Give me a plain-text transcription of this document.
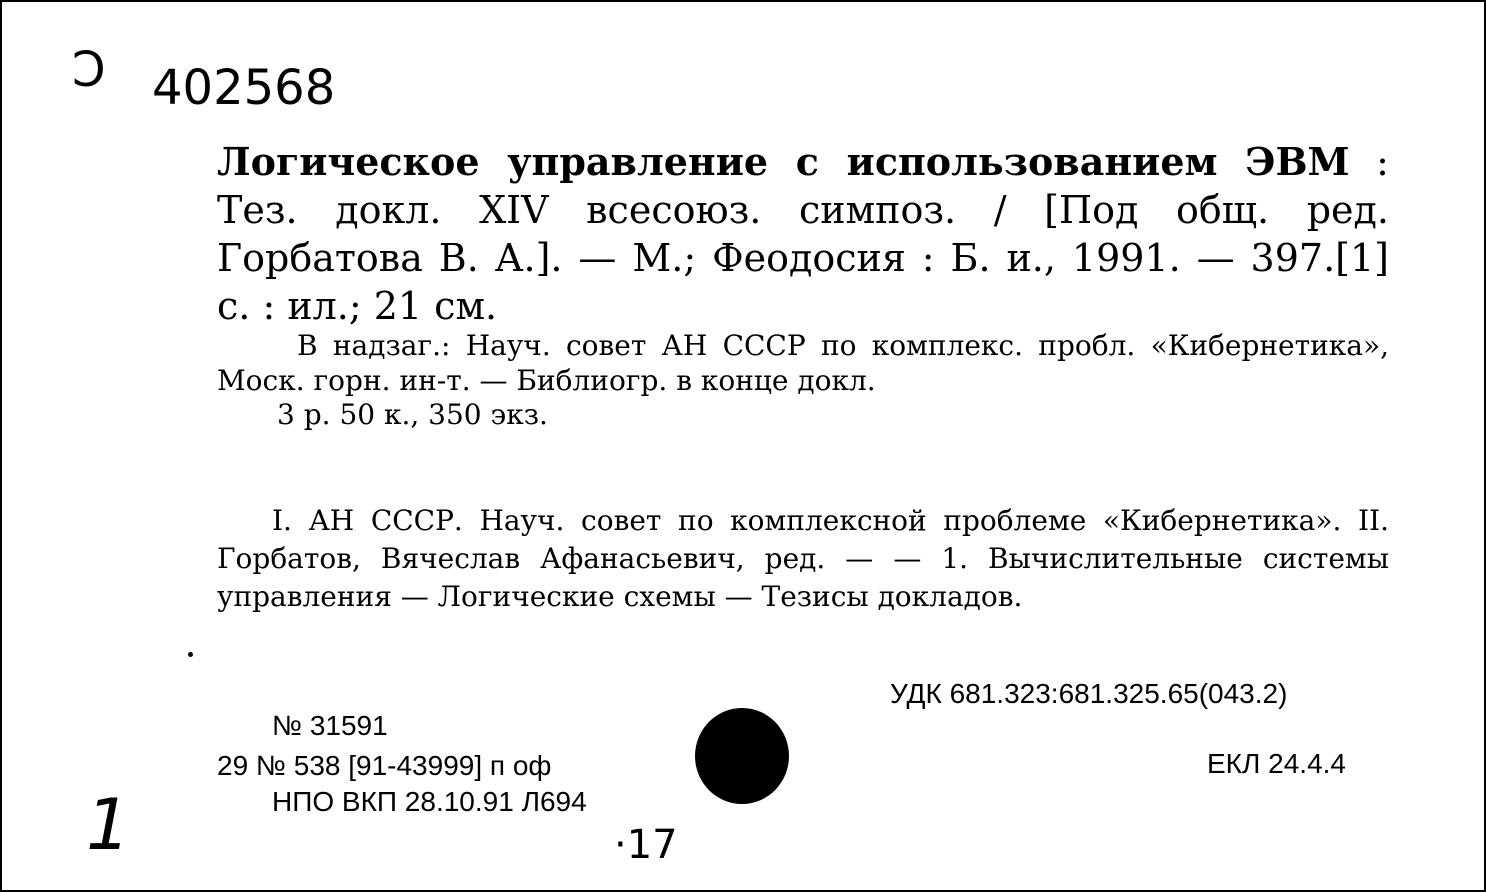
Ɔ 402568
Логическое управление с использованием ЭВМ : Тез. докл. XIV всесоюз. симпоз. / [Под общ. ред. Горбатова В. А.]. — М.; Феодосия : Б. и., 1991. — 397.[1] с. : ил.; 21 см.
В надзаг.: Науч. совет АН СССР по комплекс. пробл. «Кибернетика», Моск. горн. ин-т. — Библиогр. в конце докл.
3 р. 50 к., 350 экз.
I. АН СССР. Науч. совет по комплексной проблеме «Кибернетика». II. Горбатов, Вячеслав Афанасьевич, ред. — — 1. Вычислительные системы управления — Логические схемы — Тезисы докладов.
УДК 681.323:681.325.65(043.2)
ЕКЛ 24.4.4
№ 31591
29 № 538 [91-43999] п оф
НПО ВКП 28.10.91 Л694
1	·17
